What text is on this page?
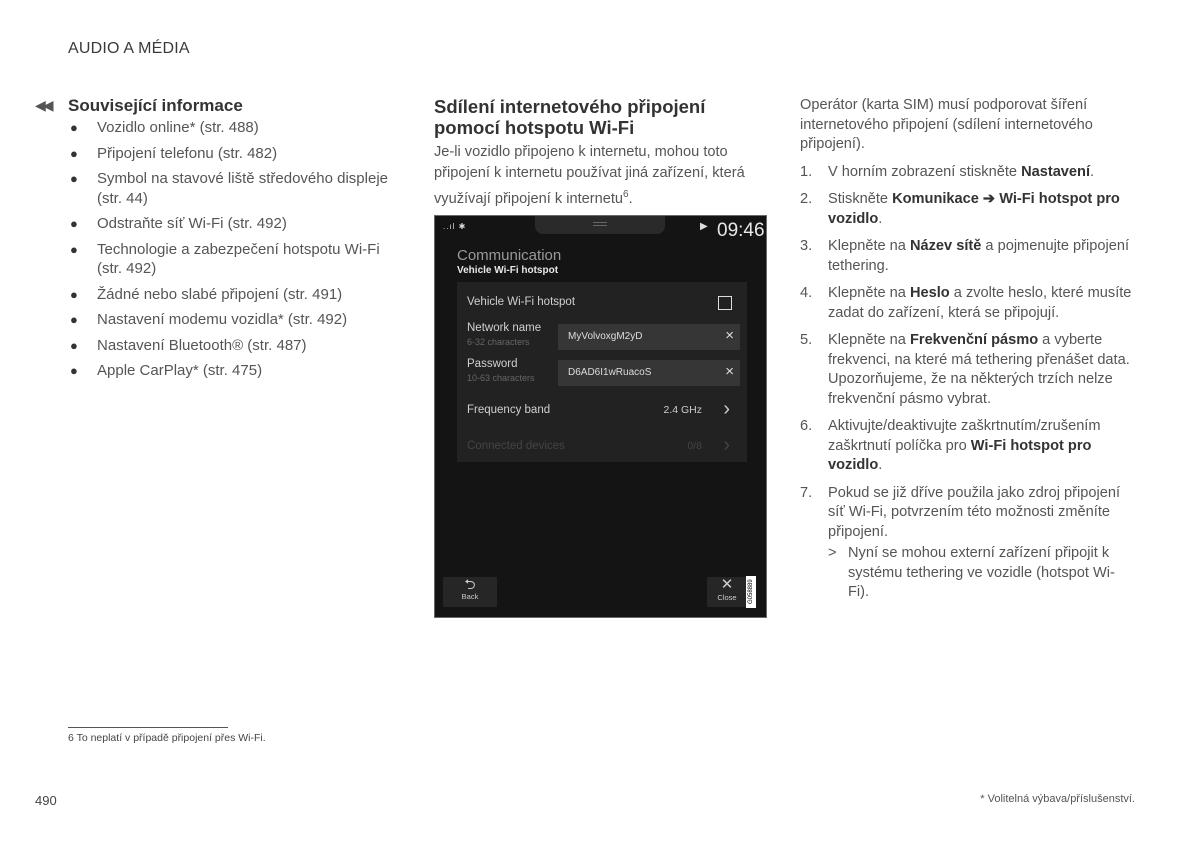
AUDIO A MÉDIA
◀◀ Související informace
● Vozidlo online* (str. 488)
● Připojení telefonu (str. 482)
● Symbol na stavové liště středového displeje (str. 44)
● Odstraňte síť Wi-Fi (str. 492)
● Technologie a zabezpečení hotspotu Wi-Fi (str. 492)
● Žádné nebo slabé připojení (str. 491)
● Nastavení modemu vozidla* (str. 492)
● Nastavení Bluetooth® (str. 487)
● Apple CarPlay* (str. 475)
Sdílení internetového připojení pomocí hotspotu Wi-Fi
Je-li vozidlo připojeno k internetu, mohou toto připojení k internetu používat jiná zařízení, která využívají připojení k internetu$^6$.
..ıl ✱	▶ 09:46
Communication
Vehicle Wi-Fi hotspot
Vehicle Wi-Fi hotspot
Network name
6-32 characters	MyVolvoxgM2yD	×
Password
10-63 characters	D6AD6I1wRuacoS	×
Frequency band	2.4 GHz ›
Connected devices	0/8 ›
⮌
Back
✕
Close	G058889
Operátor (karta SIM) musí podporovat šíření internetového připojení (sdílení internetového připojení).
1. V horním zobrazení stiskněte Nastavení.
2. Stiskněte Komunikace ➔ Wi-Fi hotspot pro vozidlo.
3. Klepněte na Název sítě a pojmenujte připojení tethering.
4. Klepněte na Heslo a zvolte heslo, které musíte zadat do zařízení, která se připojují.
5. Klepněte na Frekvenční pásmo a vyberte frekvenci, na které má tethering přenášet data. Upozorňujeme, že na některých trzích nelze frekvenční pásmo vybrat.
6. Aktivujte/deaktivujte zaškrtnutím/zrušením zaškrtnutí políčka pro Wi-Fi hotspot pro vozidlo.
7. Pokud se již dříve použila jako zdroj připojení síť Wi-Fi, potvrzením této možnosti změníte připojení.
> Nyní se mohou externí zařízení připojit k systému tethering ve vozidle (hotspot Wi-Fi).
6 To neplatí v případě připojení přes Wi-Fi.
490	* Volitelná výbava/příslušenství.
